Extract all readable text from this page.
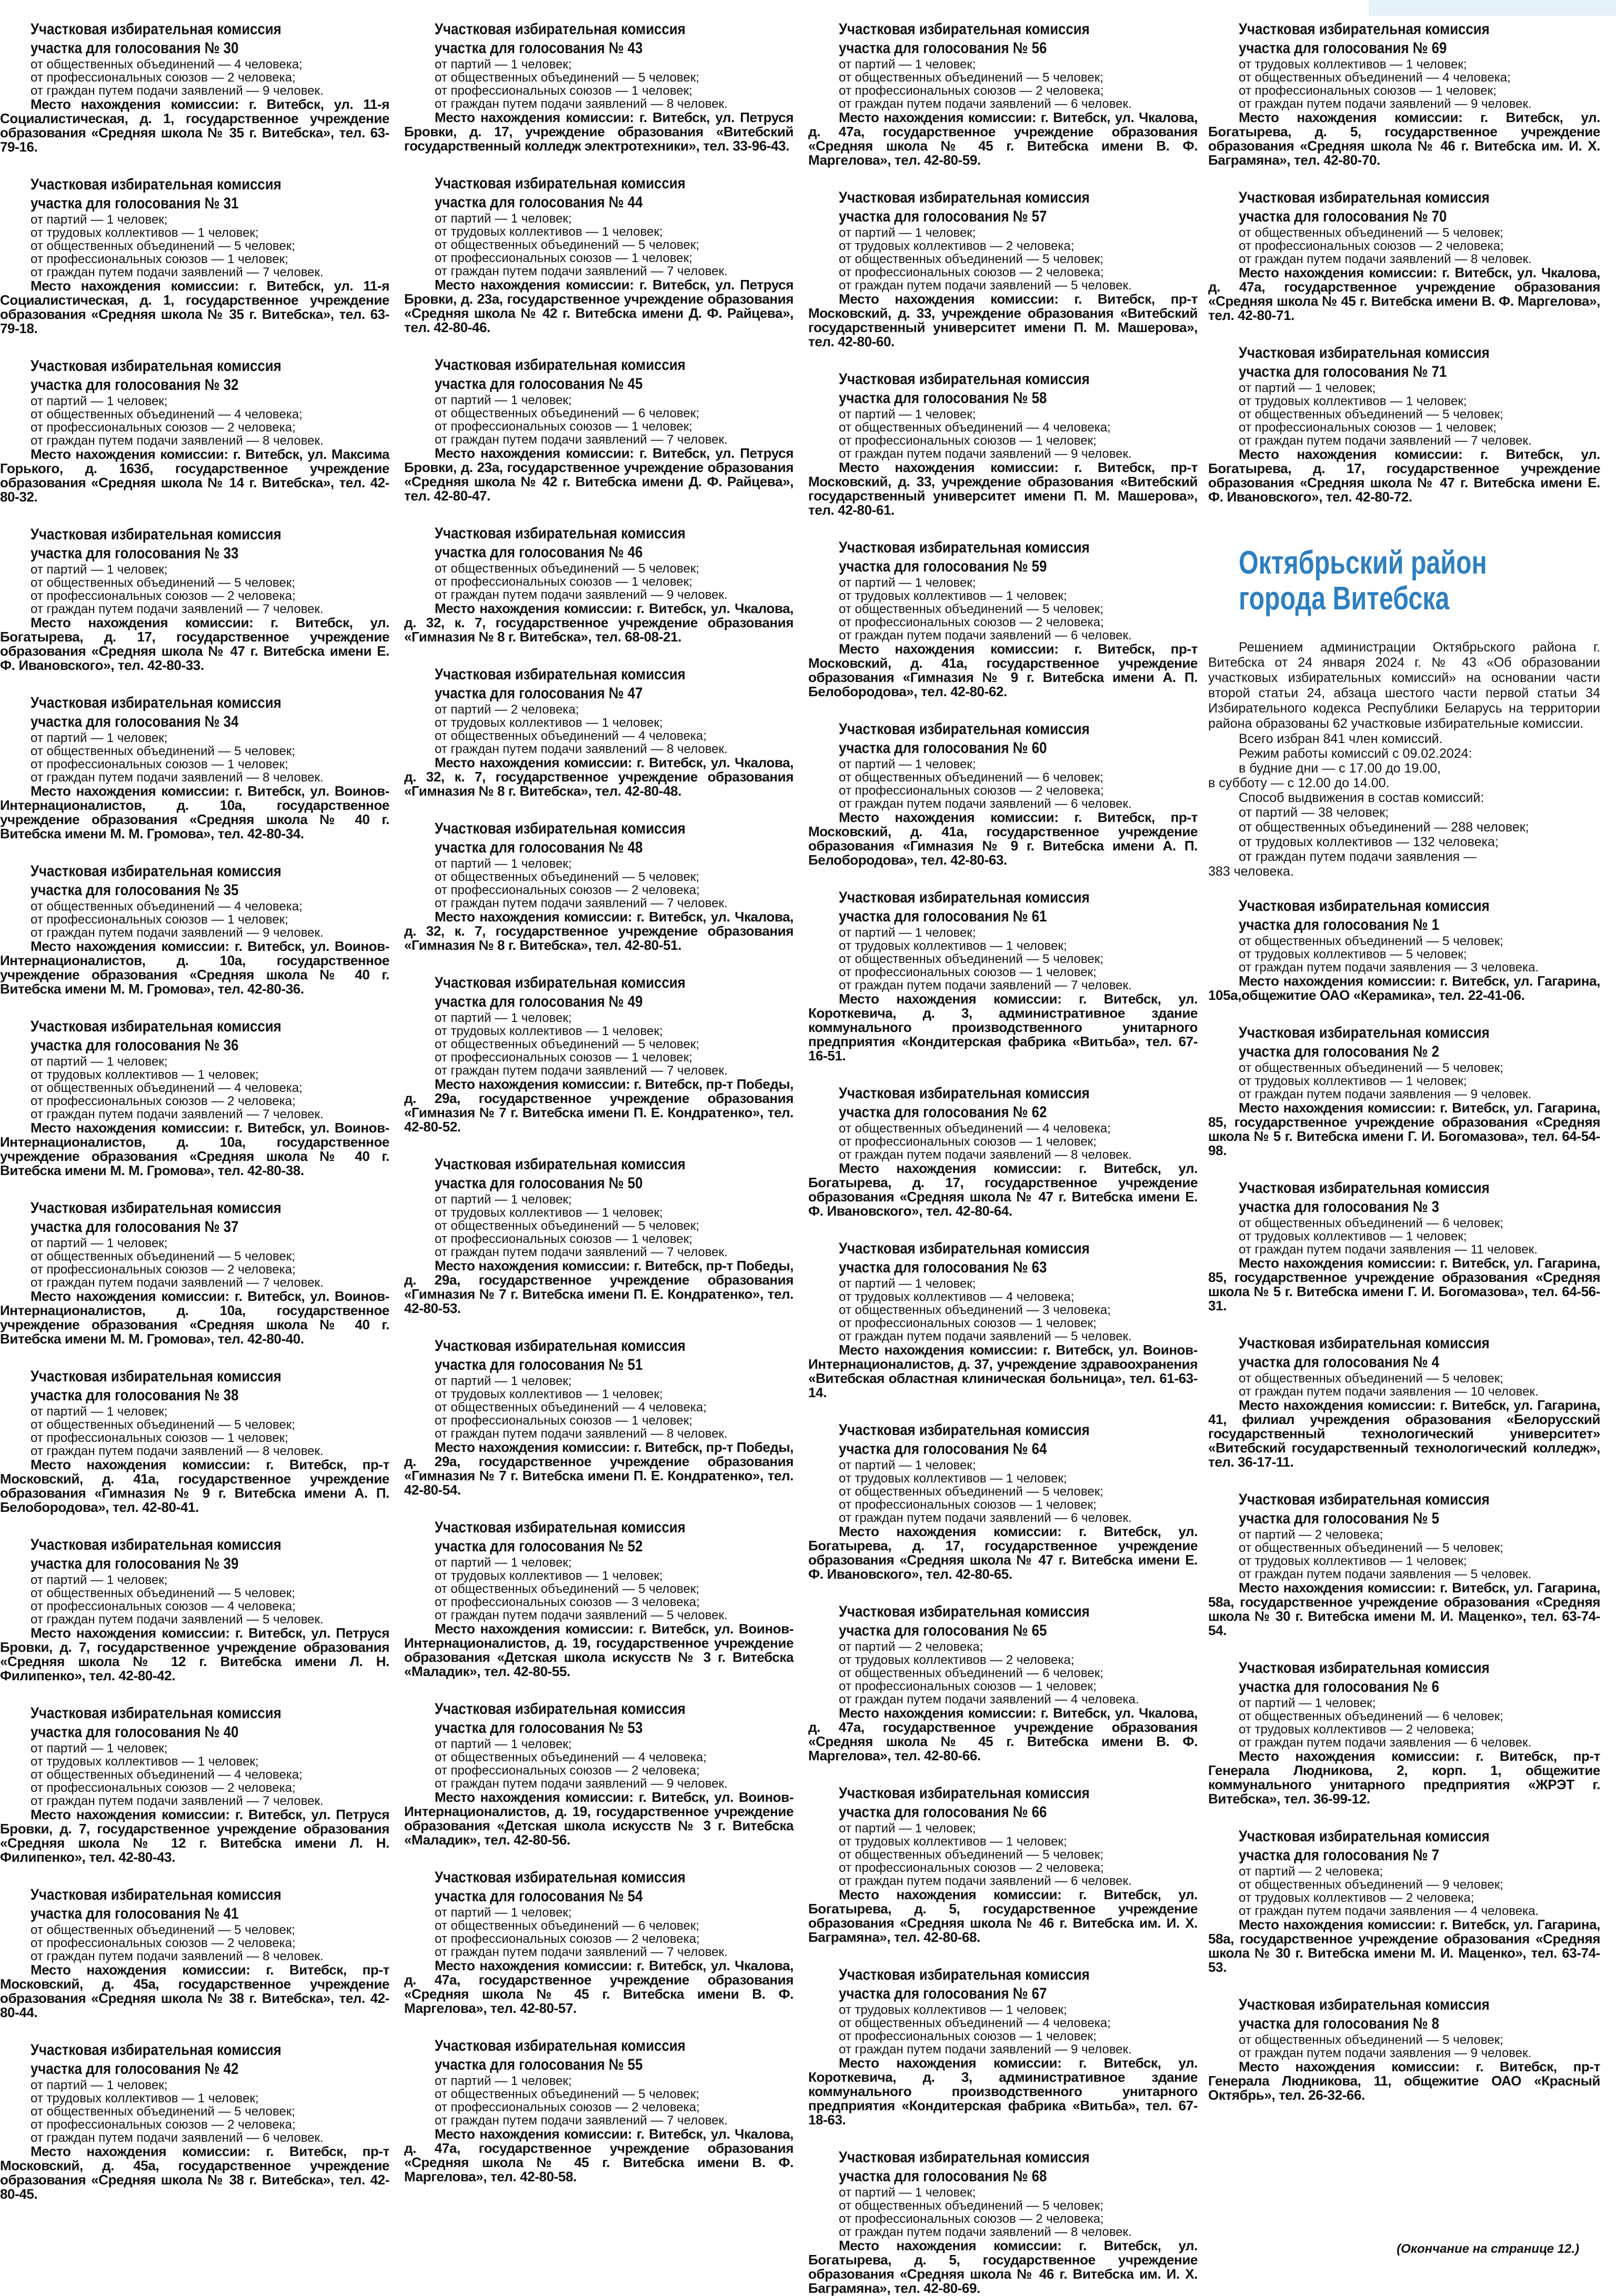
Участковая избирательная комиссия
участка для голосования № 30
от общественных объединений — 4 человека;
от профессиональных союзов — 2 человека;
от граждан путем подачи заявлений — 9 человек.
Место нахождения комиссии: г. Витебск, ул. 11-я Социалистическая, д. 1, государственное учреждение образования «Средняя школа № 35 г. Витебска», тел. 63-79-16.
Участковая избирательная комиссия
участка для голосования № 31
от партий — 1 человек;
от трудовых коллективов — 1 человек;
от общественных объединений — 5 человек;
от профессиональных союзов — 1 человек;
от граждан путем подачи заявлений — 7 человек.
Место нахождения комиссии: г. Витебск, ул. 11-я Социалистическая, д. 1, государственное учреждение образования «Средняя школа № 35 г. Витебска», тел. 63-79-18.
Участковая избирательная комиссия
участка для голосования № 32
от партий — 1 человек;
от общественных объединений — 4 человека;
от профессиональных союзов — 2 человека;
от граждан путем подачи заявлений — 8 человек.
Место нахождения комиссии: г. Витебск, ул. Максима Горького, д. 163б, государственное учреждение образования «Средняя школа № 14 г. Витебска», тел. 42-80-32.
Участковая избирательная комиссия
участка для голосования № 33
от партий — 1 человек;
от общественных объединений — 5 человек;
от профессиональных союзов — 2 человека;
от граждан путем подачи заявлений — 7 человек.
Место нахождения комиссии: г. Витебск, ул. Богатырева, д. 17, государственное учреждение образования «Средняя школа № 47 г. Витебска имени Е. Ф. Ивановского», тел. 42-80-33.
Участковая избирательная комиссия
участка для голосования № 34
от партий — 1 человек;
от общественных объединений — 5 человек;
от профессиональных союзов — 1 человек;
от граждан путем подачи заявлений — 8 человек.
Место нахождения комиссии: г. Витебск, ул. Воинов-Интернационалистов, д. 10а, государственное учреждение образования «Средняя школа № 40 г. Витебска имени М. М. Громова», тел. 42-80-34.
Участковая избирательная комиссия
участка для голосования № 35
от общественных объединений — 4 человека;
от профессиональных союзов — 1 человек;
от граждан путем подачи заявлений — 9 человек.
Место нахождения комиссии: г. Витебск, ул. Воинов-Интернационалистов, д. 10а, государственное учреждение образования «Средняя школа № 40 г. Витебска имени М. М. Громова», тел. 42-80-36.
Участковая избирательная комиссия
участка для голосования № 36
от партий — 1 человек;
от трудовых коллективов — 1 человек;
от общественных объединений — 4 человека;
от профессиональных союзов — 2 человека;
от граждан путем подачи заявлений — 7 человек.
Место нахождения комиссии: г. Витебск, ул. Воинов-Интернационалистов, д. 10а, государственное учреждение образования «Средняя школа № 40 г. Витебска имени М. М. Громова», тел. 42-80-38.
Участковая избирательная комиссия
участка для голосования № 37
от партий — 1 человек;
от общественных объединений — 5 человек;
от профессиональных союзов — 2 человека;
от граждан путем подачи заявлений — 7 человек.
Место нахождения комиссии: г. Витебск, ул. Воинов-Интернационалистов, д. 10а, государственное учреждение образования «Средняя школа № 40 г. Витебска имени М. М. Громова», тел. 42-80-40.
Участковая избирательная комиссия
участка для голосования № 38
от партий — 1 человек;
от общественных объединений — 5 человек;
от профессиональных союзов — 1 человек;
от граждан путем подачи заявлений — 8 человек.
Место нахождения комиссии: г. Витебск, пр-т Московский, д. 41а, государственное учреждение образования «Гимназия № 9 г. Витебска имени А. П. Белобородова», тел. 42-80-41.
Участковая избирательная комиссия
участка для голосования № 39
от партий — 1 человек;
от общественных объединений — 5 человек;
от профессиональных союзов — 4 человека;
от граждан путем подачи заявлений — 5 человек.
Место нахождения комиссии: г. Витебск, ул. Петруся Бровки, д. 7, государственное учреждение образования «Средняя школа № 12 г. Витебска имени Л. Н. Филипенко», тел. 42-80-42.
Участковая избирательная комиссия
участка для голосования № 40
от партий — 1 человек;
от трудовых коллективов — 1 человек;
от общественных объединений — 4 человека;
от профессиональных союзов — 2 человека;
от граждан путем подачи заявлений — 7 человек.
Место нахождения комиссии: г. Витебск, ул. Петруся Бровки, д. 7, государственное учреждение образования «Средняя школа № 12 г. Витебска имени Л. Н. Филипенко», тел. 42-80-43.
Участковая избирательная комиссия
участка для голосования № 41
от общественных объединений — 5 человек;
от профессиональных союзов — 2 человека;
от граждан путем подачи заявлений — 8 человек.
Место нахождения комиссии: г. Витебск, пр-т Московский, д. 45а, государственное учреждение образования «Средняя школа № 38 г. Витебска», тел. 42-80-44.
Участковая избирательная комиссия
участка для голосования № 42
от партий — 1 человек;
от трудовых коллективов — 1 человек;
от общественных объединений — 5 человек;
от профессиональных союзов — 2 человека;
от граждан путем подачи заявлений — 6 человек.
Место нахождения комиссии: г. Витебск, пр-т Московский, д. 45а, государственное учреждение образования «Средняя школа № 38 г. Витебска», тел. 42-80-45.
Участковая избирательная комиссия
участка для голосования № 43
от партий — 1 человек;
от общественных объединений — 5 человек;
от профессиональных союзов — 1 человек;
от граждан путем подачи заявлений — 8 человек.
Место нахождения комиссии: г. Витебск, ул. Петруся Бровки, д. 17, учреждение образования «Витебский государственный колледж электротехники», тел. 33-96-43.
Участковая избирательная комиссия
участка для голосования № 44
от партий — 1 человек;
от трудовых коллективов — 1 человек;
от общественных объединений — 5 человек;
от профессиональных союзов — 1 человек;
от граждан путем подачи заявлений — 7 человек.
Место нахождения комиссии: г. Витебск, ул. Петруся Бровки, д. 23а, государственное учреждение образования «Средняя школа № 42 г. Витебска имени Д. Ф. Райцева», тел. 42-80-46.
Участковая избирательная комиссия
участка для голосования № 45
от партий — 1 человек;
от общественных объединений — 6 человек;
от профессиональных союзов — 1 человек;
от граждан путем подачи заявлений — 7 человек.
Место нахождения комиссии: г. Витебск, ул. Петруся Бровки, д. 23а, государственное учреждение образования «Средняя школа № 42 г. Витебска имени Д. Ф. Райцева», тел. 42-80-47.
Участковая избирательная комиссия
участка для голосования № 46
от общественных объединений — 5 человек;
от профессиональных союзов — 1 человек;
от граждан путем подачи заявлений — 9 человек.
Место нахождения комиссии: г. Витебск, ул. Чкалова, д. 32, к. 7, государственное учреждение образования «Гимназия № 8 г. Витебска», тел. 68-08-21.
Участковая избирательная комиссия
участка для голосования № 47
от партий — 2 человека;
от трудовых коллективов — 1 человек;
от общественных объединений — 4 человека;
от граждан путем подачи заявлений — 8 человек.
Место нахождения комиссии: г. Витебск, ул. Чкалова, д. 32, к. 7, государственное учреждение образования «Гимназия № 8 г. Витебска», тел. 42-80-48.
Участковая избирательная комиссия
участка для голосования № 48
от партий — 1 человек;
от общественных объединений — 5 человек;
от профессиональных союзов — 2 человека;
от граждан путем подачи заявлений — 7 человек.
Место нахождения комиссии: г. Витебск, ул. Чкалова, д. 32, к. 7, государственное учреждение образования «Гимназия № 8 г. Витебска», тел. 42-80-51.
Участковая избирательная комиссия
участка для голосования № 49
от партий — 1 человек;
от трудовых коллективов — 1 человек;
от общественных объединений — 5 человек;
от профессиональных союзов — 1 человек;
от граждан путем подачи заявлений — 7 человек.
Место нахождения комиссии: г. Витебск, пр-т Победы, д. 29а, государственное учреждение образования «Гимназия № 7 г. Витебска имени П. Е. Кондратенко», тел. 42-80-52.
Участковая избирательная комиссия
участка для голосования № 50
от партий — 1 человек;
от трудовых коллективов — 1 человек;
от общественных объединений — 5 человек;
от профессиональных союзов — 1 человек;
от граждан путем подачи заявлений — 7 человек.
Место нахождения комиссии: г. Витебск, пр-т Победы, д. 29а, государственное учреждение образования «Гимназия № 7 г. Витебска имени П. Е. Кондратенко», тел. 42-80-53.
Участковая избирательная комиссия
участка для голосования № 51
от партий — 1 человек;
от трудовых коллективов — 1 человек;
от общественных объединений — 4 человека;
от профессиональных союзов — 1 человек;
от граждан путем подачи заявлений — 8 человек.
Место нахождения комиссии: г. Витебск, пр-т Победы, д. 29а, государственное учреждение образования «Гимназия № 7 г. Витебска имени П. Е. Кондратенко», тел. 42-80-54.
Участковая избирательная комиссия
участка для голосования № 52
от партий — 1 человек;
от трудовых коллективов — 1 человек;
от общественных объединений — 5 человек;
от профессиональных союзов — 3 человека;
от граждан путем подачи заявлений — 5 человек.
Место нахождения комиссии: г. Витебск, ул. Воинов-Интернационалистов, д. 19, государственное учреждение образования «Детская школа искусств № 3 г. Витебска «Маладик», тел. 42-80-55.
Участковая избирательная комиссия
участка для голосования № 53
от партий — 1 человек;
от общественных объединений — 4 человека;
от профессиональных союзов — 2 человека;
от граждан путем подачи заявлений — 9 человек.
Место нахождения комиссии: г. Витебск, ул. Воинов-Интернационалистов, д. 19, государственное учреждение образования «Детская школа искусств № 3 г. Витебска «Маладик», тел. 42-80-56.
Участковая избирательная комиссия
участка для голосования № 54
от партий — 1 человек;
от общественных объединений — 6 человек;
от профессиональных союзов — 2 человека;
от граждан путем подачи заявлений — 7 человек.
Место нахождения комиссии: г. Витебск, ул. Чкалова, д. 47а, государственное учреждение образования «Средняя школа № 45 г. Витебска имени В. Ф. Маргелова», тел. 42-80-57.
Участковая избирательная комиссия
участка для голосования № 55
от партий — 1 человек;
от общественных объединений — 5 человек;
от профессиональных союзов — 2 человека;
от граждан путем подачи заявлений — 7 человек.
Место нахождения комиссии: г. Витебск, ул. Чкалова, д. 47а, государственное учреждение образования «Средняя школа № 45 г. Витебска имени В. Ф. Маргелова», тел. 42-80-58.
Участковая избирательная комиссия
участка для голосования № 56
от партий — 1 человек;
от общественных объединений — 5 человек;
от профессиональных союзов — 2 человека;
от граждан путем подачи заявлений — 6 человек.
Место нахождения комиссии: г. Витебск, ул. Чкалова, д. 47а, государственное учреждение образования «Средняя школа № 45 г. Витебска имени В. Ф. Маргелова», тел. 42-80-59.
Участковая избирательная комиссия
участка для голосования № 57
от партий — 1 человек;
от трудовых коллективов — 2 человека;
от общественных объединений — 5 человек;
от профессиональных союзов — 2 человека;
от граждан путем подачи заявлений — 5 человек.
Место нахождения комиссии: г. Витебск, пр-т Московский, д. 33, учреждение образования «Витебский государственный университет имени П. М. Машерова», тел. 42-80-60.
Участковая избирательная комиссия
участка для голосования № 58
от партий — 1 человек;
от общественных объединений — 4 человека;
от профессиональных союзов — 1 человек;
от граждан путем подачи заявлений — 9 человек.
Место нахождения комиссии: г. Витебск, пр-т Московский, д. 33, учреждение образования «Витебский государственный университет имени П. М. Машерова», тел. 42-80-61.
Участковая избирательная комиссия
участка для голосования № 59
от партий — 1 человек;
от трудовых коллективов — 1 человек;
от общественных объединений — 5 человек;
от профессиональных союзов — 2 человека;
от граждан путем подачи заявлений — 6 человек.
Место нахождения комиссии: г. Витебск, пр-т Московский, д. 41а, государственное учреждение образования «Гимназия № 9 г. Витебска имени А. П. Белобородова», тел. 42-80-62.
Участковая избирательная комиссия
участка для голосования № 60
от партий — 1 человек;
от общественных объединений — 6 человек;
от профессиональных союзов — 2 человека;
от граждан путем подачи заявлений — 6 человек.
Место нахождения комиссии: г. Витебск, пр-т Московский, д. 41а, государственное учреждение образования «Гимназия № 9 г. Витебска имени А. П. Белобородова», тел. 42-80-63.
Участковая избирательная комиссия
участка для голосования № 61
от партий — 1 человек;
от трудовых коллективов — 1 человек;
от общественных объединений — 5 человек;
от профессиональных союзов — 1 человек;
от граждан путем подачи заявлений — 7 человек.
Место нахождения комиссии: г. Витебск, ул. Короткевича, д. 3, административное здание коммунального производственного унитарного предприятия «Кондитерская фабрика «Витьба», тел. 67-16-51.
Участковая избирательная комиссия
участка для голосования № 62
от общественных объединений — 4 человека;
от профессиональных союзов — 1 человек;
от граждан путем подачи заявлений — 8 человек.
Место нахождения комиссии: г. Витебск, ул. Богатырева, д. 17, государственное учреждение образования «Средняя школа № 47 г. Витебска имени Е. Ф. Ивановского», тел. 42-80-64.
Участковая избирательная комиссия
участка для голосования № 63
от партий — 1 человек;
от трудовых коллективов — 4 человека;
от общественных объединений — 3 человека;
от профессиональных союзов — 1 человек;
от граждан путем подачи заявлений — 5 человек.
Место нахождения комиссии: г. Витебск, ул. Воинов-Интернационалистов, д. 37, учреждение здравоохранения «Витебская областная клиническая больница», тел. 61-63-14.
Участковая избирательная комиссия
участка для голосования № 64
от партий — 1 человек;
от трудовых коллективов — 1 человек;
от общественных объединений — 5 человек;
от профессиональных союзов — 1 человек;
от граждан путем подачи заявлений — 6 человек.
Место нахождения комиссии: г. Витебск, ул. Богатырева, д. 17, государственное учреждение образования «Средняя школа № 47 г. Витебска имени Е. Ф. Ивановского», тел. 42-80-65.
Участковая избирательная комиссия
участка для голосования № 65
от партий — 2 человека;
от трудовых коллективов — 2 человека;
от общественных объединений — 6 человек;
от профессиональных союзов — 1 человек;
от граждан путем подачи заявлений — 4 человека.
Место нахождения комиссии: г. Витебск, ул. Чкалова, д. 47а, государственное учреждение образования «Средняя школа № 45 г. Витебска имени В. Ф. Маргелова», тел. 42-80-66.
Участковая избирательная комиссия
участка для голосования № 66
от партий — 1 человек;
от трудовых коллективов — 1 человек;
от общественных объединений — 5 человек;
от профессиональных союзов — 2 человека;
от граждан путем подачи заявлений — 6 человек.
Место нахождения комиссии: г. Витебск, ул. Богатырева, д. 5, государственное учреждение образования «Средняя школа № 46 г. Витебска им. И. Х. Баграмяна», тел. 42-80-68.
Участковая избирательная комиссия
участка для голосования № 67
от трудовых коллективов — 1 человек;
от общественных объединений — 4 человека;
от профессиональных союзов — 1 человек;
от граждан путем подачи заявлений — 9 человек.
Место нахождения комиссии: г. Витебск, ул. Короткевича, д. 3, административное здание коммунального производственного унитарного предприятия «Кондитерская фабрика «Витьба», тел. 67-18-63.
Участковая избирательная комиссия
участка для голосования № 68
от партий — 1 человек;
от общественных объединений — 5 человек;
от профессиональных союзов — 2 человека;
от граждан путем подачи заявлений — 8 человек.
Место нахождения комиссии: г. Витебск, ул. Богатырева, д. 5, государственное учреждение образования «Средняя школа № 46 г. Витебска им. И. Х. Баграмяна», тел. 42-80-69.
Участковая избирательная комиссия
участка для голосования № 69
от трудовых коллективов — 1 человек;
от общественных объединений — 4 человека;
от профессиональных союзов — 1 человек;
от граждан путем подачи заявлений — 9 человек.
Место нахождения комиссии: г. Витебск, ул. Богатырева, д. 5, государственное учреждение образования «Средняя школа № 46 г. Витебска им. И. Х. Баграмяна», тел. 42-80-70.
Участковая избирательная комиссия
участка для голосования № 70
от общественных объединений — 5 человек;
от профессиональных союзов — 2 человека;
от граждан путем подачи заявлений — 8 человек.
Место нахождения комиссии: г. Витебск, ул. Чкалова, д. 47а, государственное учреждение образования «Средняя школа № 45 г. Витебска имени В. Ф. Маргелова», тел. 42-80-71.
Участковая избирательная комиссия
участка для голосования № 71
от партий — 1 человек;
от трудовых коллективов — 1 человек;
от общественных объединений — 5 человек;
от профессиональных союзов — 1 человек;
от граждан путем подачи заявлений — 7 человек.
Место нахождения комиссии: г. Витебск, ул. Богатырева, д. 17, государственное учреждение образования «Средняя школа № 47 г. Витебска имени Е. Ф. Ивановского», тел. 42-80-72.
Октябрьский район
города Витебска
Решением администрации Октябрьского района г. Витебска от 24 января 2024 г. № 43 «Об образовании участковых избирательных комиссий» на основании части второй статьи 24, абзаца шестого части первой статьи 34 Избирательного кодекса Республики Беларусь на территории района образованы 62 участковые избирательные комиссии.
Всего избран 841 член комиссий.
Режим работы комиссий с 09.02.2024:
в будние дни — с 17.00 до 19.00,
в субботу — с 12.00 до 14.00.
Способ выдвижения в состав комиссий:
от партий — 38 человек;
от общественных объединений — 288 человек;
от трудовых коллективов — 132 человека;
от граждан путем подачи заявления —
383 человека.
Участковая избирательная комиссия
участка для голосования № 1
от общественных объединений — 5 человек;
от трудовых коллективов — 5 человек;
от граждан путем подачи заявления — 3 человека.
Место нахождения комиссии: г. Витебск, ул. Гагарина, 105а,общежитие ОАО «Керамика», тел. 22-41-06.
Участковая избирательная комиссия
участка для голосования № 2
от общественных объединений — 5 человек;
от трудовых коллективов — 1 человек;
от граждан путем подачи заявления — 9 человек.
Место нахождения комиссии: г. Витебск, ул. Гагарина, 85, государственное учреждение образования «Средняя школа № 5 г. Витебска имени Г. И. Богомазова», тел. 64-54-98.
Участковая избирательная комиссия
участка для голосования № 3
от общественных объединений — 6 человек;
от трудовых коллективов — 1 человек;
от граждан путем подачи заявления — 11 человек.
Место нахождения комиссии: г. Витебск, ул. Гагарина, 85, государственное учреждение образования «Средняя школа № 5 г. Витебска имени Г. И. Богомазова», тел. 64-56-31.
Участковая избирательная комиссия
участка для голосования № 4
от общественных объединений — 5 человек;
от граждан путем подачи заявления — 10 человек.
Место нахождения комиссии: г. Витебск, ул. Гагарина, 41, филиал учреждения образования «Белорусский государственный технологический университет» «Витебский государственный технологический колледж», тел. 36-17-11.
Участковая избирательная комиссия
участка для голосования № 5
от партий — 2 человека;
от общественных объединений — 5 человек;
от трудовых коллективов — 1 человек;
от граждан путем подачи заявления — 5 человек.
Место нахождения комиссии: г. Витебск, ул. Гагарина, 58а, государственное учреждение образования «Средняя школа № 30 г. Витебска имени М. И. Маценко», тел. 63-74-54.
Участковая избирательная комиссия
участка для голосования № 6
от партий — 1 человек;
от общественных объединений — 6 человек;
от трудовых коллективов — 2 человека;
от граждан путем подачи заявления — 6 человек.
Место нахождения комиссии: г. Витебск, пр-т Генерала Людникова, 2, корп. 1, общежитие коммунального унитарного предприятия «ЖРЭТ г. Витебска», тел. 36-99-12.
Участковая избирательная комиссия
участка для голосования № 7
от партий — 2 человека;
от общественных объединений — 9 человек;
от трудовых коллективов — 2 человека;
от граждан путем подачи заявления — 4 человека.
Место нахождения комиссии: г. Витебск, ул. Гагарина, 58а, государственное учреждение образования «Средняя школа № 30 г. Витебска имени М. И. Маценко», тел. 63-74-53.
Участковая избирательная комиссия
участка для голосования № 8
от общественных объединений — 5 человек;
от граждан путем подачи заявления — 9 человек.
Место нахождения комиссии: г. Витебск, пр-т Генерала Людникова, 11, общежитие ОАО «Красный Октябрь», тел. 26-32-66.
(Окончание на странице 12.)
